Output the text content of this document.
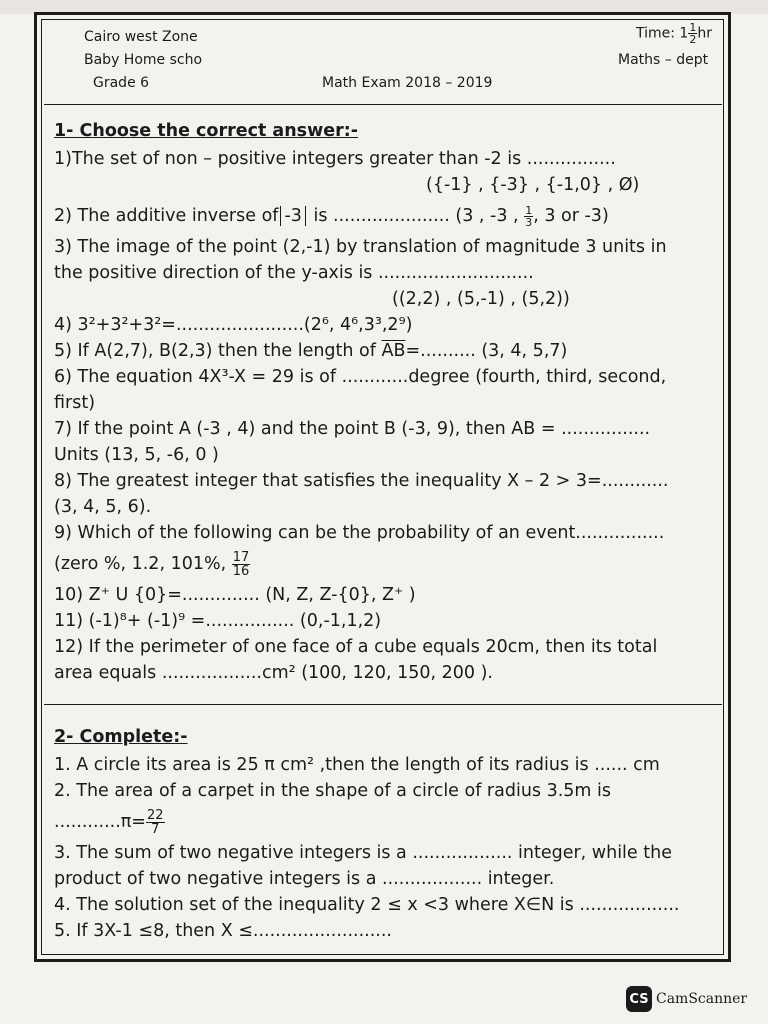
Cairo west Zone
Baby Home scho
Grade 6	Math Exam 2018 – 2019
Time: $1 \frac{1}{2}$ hr
Maths – dept
1- Choose the correct answer:-
1)The set of non – positive integers greater than -2 is ................
({-1} , {-3} , {-1,0} , Ø)
2) The additive inverse of -3 is ..................... (3 , -3 , $\frac{1}{3}$ , 3 or -3)
3) The image of the point (2,-1) by translation of magnitude 3 units in
the positive direction of the y-axis is ............................
((2,2) , (5,-1) , (5,2))
4) 3²+3²+3²=.......................(2⁶, 4⁶,3³,2⁹)
5) If A(2,7), B(2,3) then the length of $\overline{AB}=$.......... (3, 4, 5,7)
6) The equation 4X³-X = 29 is of ............degree (fourth, third, second,
first)
7) If the point A (-3 , 4) and the point B (-3, 9), then AB = ................
Units (13, 5, -6, 0 )
8) The greatest integer that satisfies the inequality X – 2 > 3=............
(3, 4, 5, 6).
9) Which of the following can be the probability of an event................
(zero %, 1.2, 101%, $\frac{17}{16}$
10) Z⁺ U {0}=.............. (N, Z, Z-{0}, Z⁺ )
11) (-1)⁸+ (-1)⁹ =................ (0,-1,1,2)
12) If the perimeter of one face of a cube equals 20cm, then its total
area equals ..................cm² (100, 120, 150, 200 ).
2- Complete:-
1. A circle its area is 25 π cm² ,then the length of its radius is ...... cm
2. The area of a carpet in the shape of a circle of radius 3.5m is
$............\pi= \frac{22}{7}$
3. The sum of two negative integers is a .................. integer, while the
product of two negative integers is a .................. integer.
4. The solution set of the inequality 2 ≤ x <3 where X∈N is ..................
5. If 3X-1 ≤8, then X ≤.........................
CS CamScanner
